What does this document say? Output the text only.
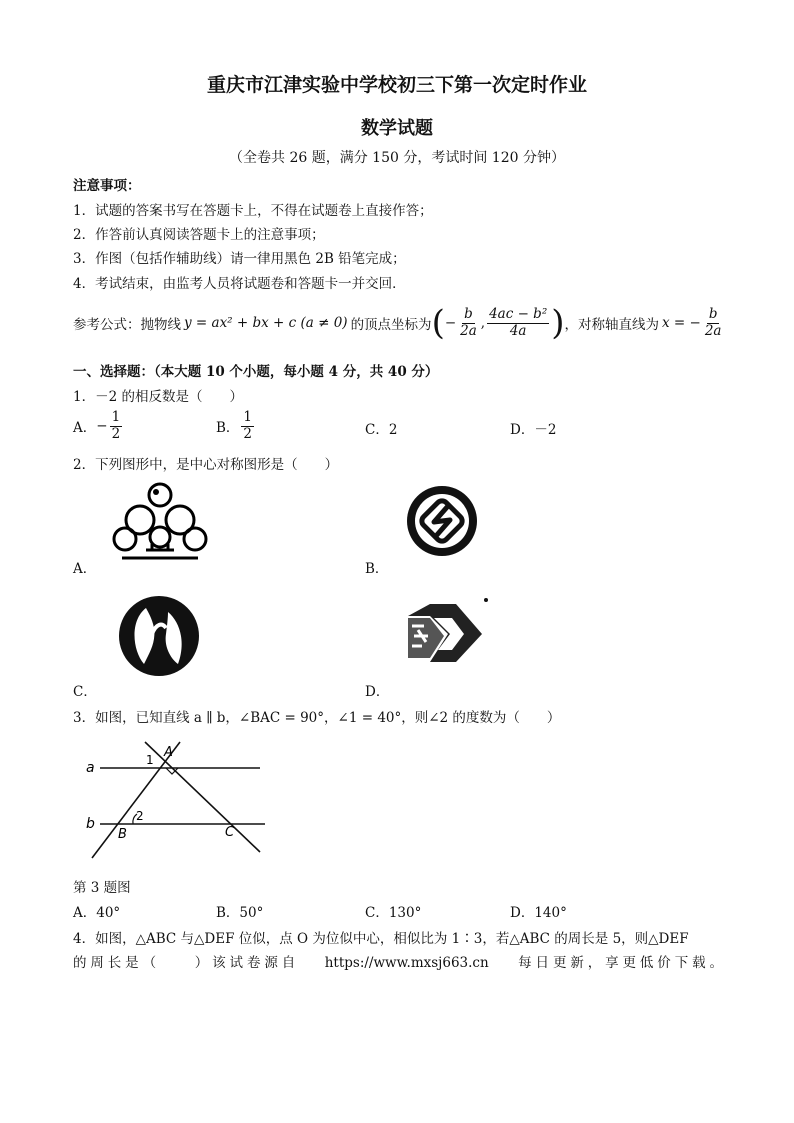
重庆市江津实验中学校初三下第一次定时作业
数学试题
（全卷共 26 题，满分 150 分，考试时间 120 分钟）
注意事项：
1．试题的答案书写在答题卡上，不得在试题卷上直接作答；
2．作答前认真阅读答题卡上的注意事项；
3．作图（包括作辅助线）请一律用黑色 2B 铅笔完成；
4．考试结束，由监考人员将试题卷和答题卡一并交回．
参考公式：抛物线 y = ax² + bx + c (a ≠ 0) 的顶点坐标为 ( − $\frac{b}{2a}$ , $\frac{\text{4ac − b²}}{4a}$ ) ，对称轴直线为 x = − $\frac{b}{2a}$
一、选择题：（本大题 10 个小题，每小题 4 分，共 40 分）
1．－2 的相反数是（　　）
A． − $\frac{1}{2}$	B． $\frac{1}{2}$	C．2	D．－2
2．下列图形中，是中心对称图形是（　　）
A．	B．
C．	D．
3．如图，已知直线 a ∥ b，∠BAC = 90°，∠1 = 40°，则∠2 的度数为（　　）
a
b
A
B	C
1
2
第 3 题图
A．40°	B．50°	C．130°	D．140°
4．如图，△ABC 与△DEF 位似，点 O 为位似中心，相似比为 1∶3，若△ABC 的周长是 5，则△DEF
的周长是（　　）该试卷源自　 https://www.mxsj663.cn　 每日更新，享更低价下载。
